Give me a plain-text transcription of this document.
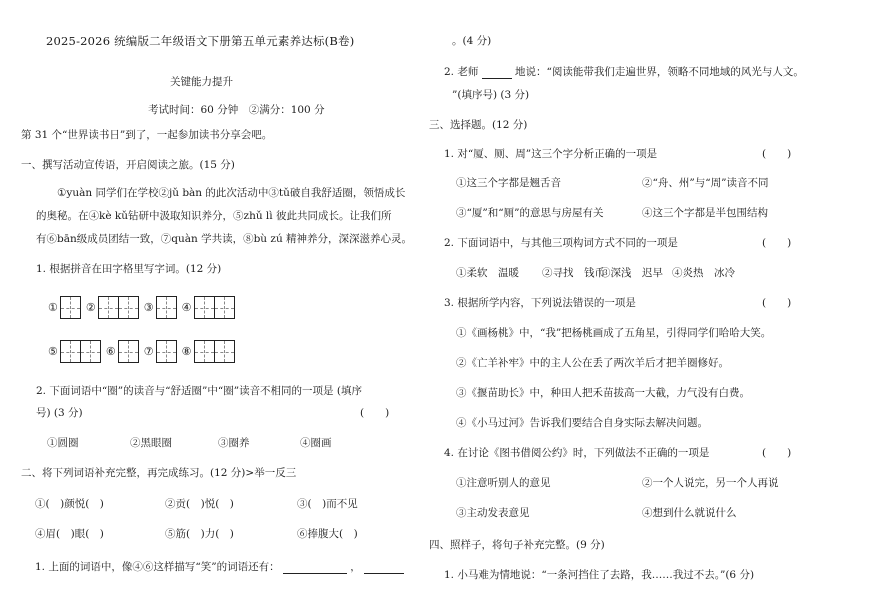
2025-2026 统编版二年级语文下册第五单元素养达标(B卷)
关键能力提升
考试时间：60 分钟　②满分：100 分
第 31 个“世界读书日”到了，一起参加读书分享会吧。
一、撰写活动宣传语，开启阅读之旅。(15 分)
①yuàn 同学们在学校②jǔ bàn 的此次活动中③tǔ破自我舒适圈，领悟成长
的奥秘。在④kè kǔ钻研中汲取知识养分，⑤zhǔ lì 彼此共同成长。让我们所
有⑥bān级成员团结一致，⑦quàn 学共读，⑧bù zú 精神养分，深深滋养心灵。
1. 根据拼音在田字格里写字词。(12 分)
①	②	③	④
⑤	⑥	⑦	⑧
2. 下面词语中“圈”的读音与“舒适圈”中“圈”读音不相同的一项是 (填序
号) (3 分)	(　　)
①圆圈	②黑眼圈	③圈养	④圈画
二、将下列词语补充完整，再完成练习。(12 分)>举一反三
①(　)颜悦(　)	②贡(　)悦(　)	③(　)而不见
④眉(　)眼(　)	⑤筋(　)力(　)	⑥捧腹大(　)
1. 上面的词语中，像④⑥这样描写“笑”的词语还有：	，
。(4 分)
2. 老师	地说：“阅读能带我们走遍世界，领略不同地域的风光与人文。
”(填序号) (3 分)
三、选择题。(12 分)
1. 对“厦、厕、周”这三个字分析正确的一项是	(　　)
①这三个字都是翘舌音	②“舟、州”与“周”读音不同
③“厦”和“厕”的意思与房屋有关	④这三个字都是半包围结构
2. 下面词语中，与其他三项构词方式不同的一项是	(　　)
①柔软　温暖 ②寻找　钱币
③深浅　迟早 ④炎热　冰冷
3. 根据所学内容，下列说法错误的一项是	(　　)
①《画杨桃》中，“我”把杨桃画成了五角星，引得同学们哈哈大笑。
②《亡羊补牢》中的主人公在丢了两次羊后才把羊圈修好。
③《揠苗助长》中，种田人把禾苗拔高一大截，力气没有白费。
④《小马过河》告诉我们要结合自身实际去解决问题。
4. 在讨论《图书借阅公约》时，下列做法不正确的一项是	(　　)
①注意听别人的意见	②一个人说完，另一个人再说
③主动发表意见	④想到什么就说什么
四、照样子，将句子补充完整。(9 分)
1. 小马难为情地说：“一条河挡住了去路，我……我过不去。”(6 分)
